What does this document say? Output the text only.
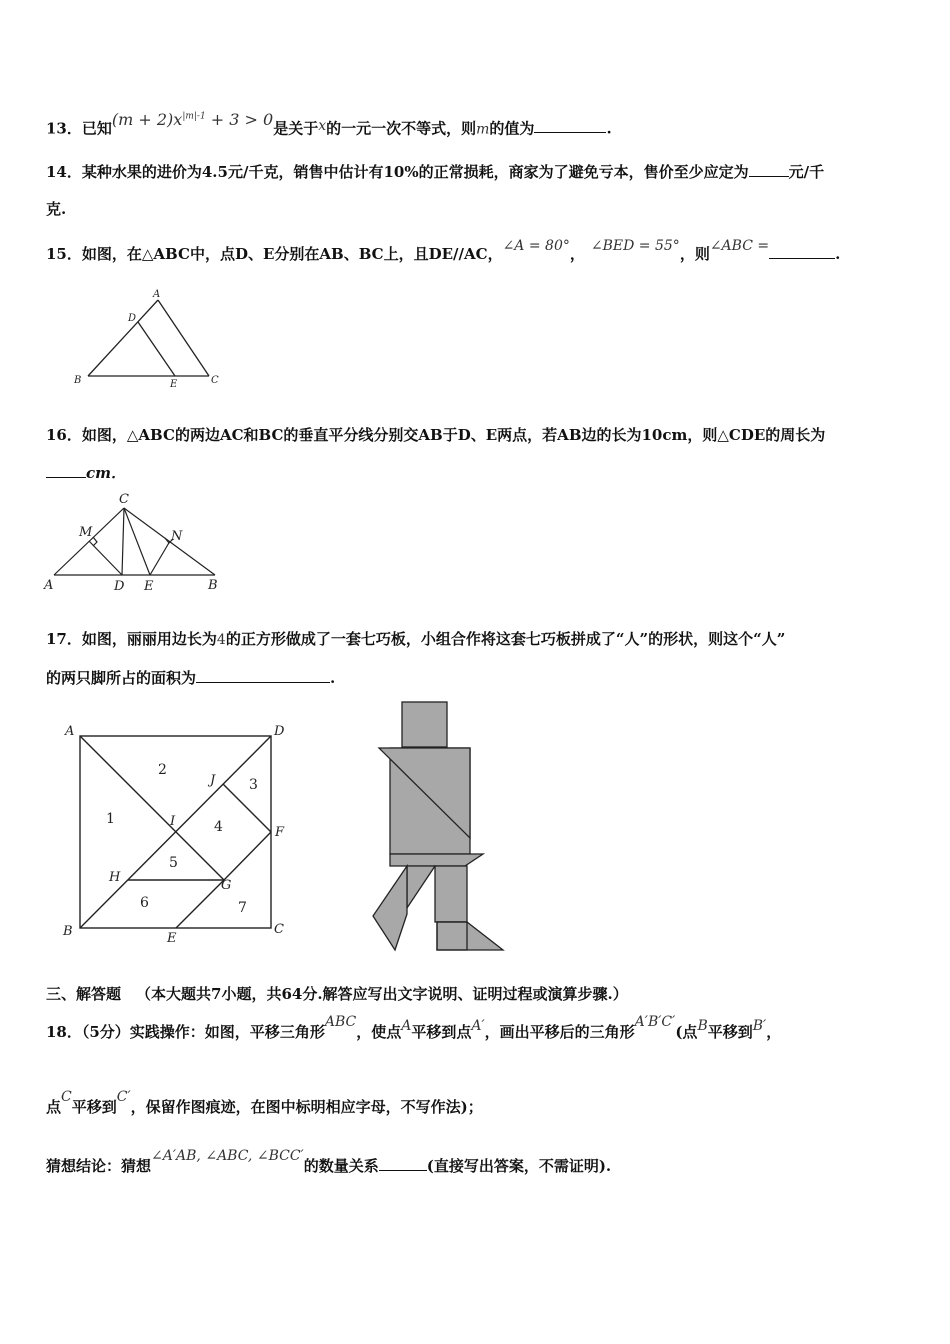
13．已知$(m + 2)x^{|m|-1} + 3 > 0$是关于x的一元一次不等式，则m的值为	.
14．某种水果的进价为4.5元/千克，销售中估计有10%的正常损耗，商家为了避免亏本，售价至少应定为	元/千
克.
15．如图，在△ABC中，点D、E分别在AB、BC上，且DE//AC，∠A = 80°， ∠BED = 55°，则∠ABC =	.
A
D
B	E	C
16．如图，△ABC的两边AC和BC的垂直平分线分别交AB于D、E两点，若AB边的长为10cm，则△CDE的周长为
cm．
C
M	N
A	D E	B
17．如图，丽丽用边长为4的正方形做成了一套七巧板，小组合作将这套七巧板拼成了“人”的形状，则这个“人”
的两只脚所占的面积为	.
A	D
B	C
E
F
G
H
I
J
1
2
3
4
5
6	7
三、解答题  （本大题共7小题，共64分.解答应写出文字说明、证明过程或演算步骤.）
18．（5分）实践操作：如图，平移三角形ABC，使点A平移到点A′，画出平移后的三角形A′B′C′(点B平移到B′，
点C平移到C′，保留作图痕迹，在图中标明相应字母，不写作法)；
猜想结论：猜想∠A′AB, ∠ABC, ∠BCC′的数量关系	(直接写出答案，不需证明).
